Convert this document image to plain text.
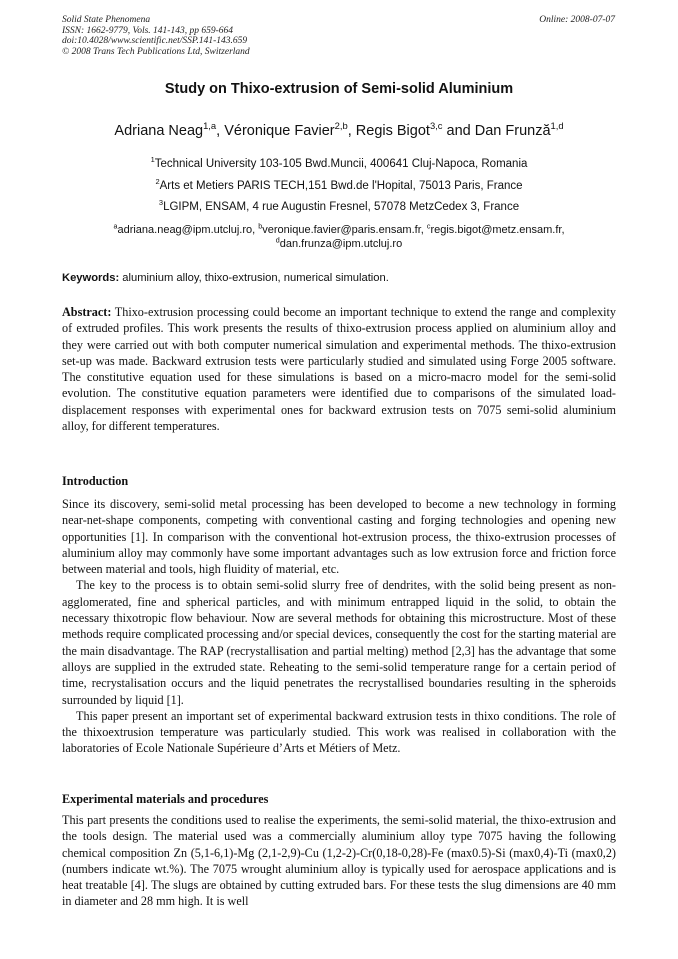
Solid State Phenomena
ISSN: 1662-9779, Vols. 141-143, pp 659-664
doi:10.4028/www.scientific.net/SSP.141-143.659
© 2008 Trans Tech Publications Ltd, Switzerland
Online: 2008-07-07
Study on Thixo-extrusion of Semi-solid Aluminium
Adriana Neag$^{1,a}$, Véronique Favier$^{2,b}$, Regis Bigot$^{3,c}$ and Dan Frunză$^{1,d}$
$^1$Technical University 103-105 Bwd.Muncii, 400641 Cluj-Napoca, Romania
$^2$Arts et Metiers PARIS TECH,151 Bwd.de l'Hopital, 75013 Paris, France
$^3$LGIPM, ENSAM, 4 rue Augustin Fresnel, 57078 MetzCedex 3, France
$^a$adriana.neag@ipm.utcluj.ro, $^b$veronique.favier@paris.ensam.fr, $^c$regis.bigot@metz.ensam.fr,
$^d$dan.frunza@ipm.utcluj.ro
Keywords: aluminium alloy, thixo-extrusion, numerical simulation.
Abstract: Thixo-extrusion processing could become an important technique to extend the range and complexity of extruded profiles. This work presents the results of thixo-extrusion process applied on aluminium alloy and they were carried out with both computer numerical simulation and experimental methods. The thixo-extrusion set-up was made. Backward extrusion tests were particularly studied and simulated using Forge 2005 software. The constitutive equation used for these simulations is based on a micro-macro model for the semi-solid evolution. The constitutive equation parameters were identified due to comparisons of the simulated load-displacement responses with experimental ones for backward extrusion tests on 7075 semi-solid aluminium alloy, for different temperatures.
Introduction

Since its discovery, semi-solid metal processing has been developed to become a new technology in forming near-net-shape components, competing with conventional casting and forging technologies and opening new opportunities [1]. In comparison with the conventional hot-extrusion process, the thixo-extrusion processes of aluminium alloy may commonly have some important advantages such as low extrusion force and friction force between material and tools, high fluidity of material, etc.

The key to the process is to obtain semi-solid slurry free of dendrites, with the solid being present as non-agglomerated, fine and spherical particles, and with minimum entrapped liquid in the solid, to obtain the necessary thixotropic flow behaviour. Now are several methods for obtaining this microstructure. Most of these methods require complicated processing and/or special devices, consequently the cost for the starting material are the main disadvantage. The RAP (recrystallisation and partial melting) method [2,3] has the advantage that some alloys are supplied in the extruded state. Reheating to the semi-solid temperature range for a certain period of time, recrystalisation occurs and the liquid penetrates the recrystallised boundaries resulting in the spheroids surrounded by liquid [1].

This paper present an important set of experimental backward extrusion tests in thixo conditions. The role of the thixoextrusion temperature was particularly studied. This work was realised in collaboration with the laboratories of Ecole Nationale Supérieure d’Arts et Métiers of Metz.

Experimental materials and procedures
This part presents the conditions used to realise the experiments, the semi-solid material, the thixo-extrusion and the tools design. The material used was a commercially aluminium alloy type 7075 having the following chemical composition Zn (5,1-6,1)-Mg (2,1-2,9)-Cu (1,2-2)-Cr(0,18-0,28)-Fe (max0.5)-Si (max0,4)-Ti (max0,2) (numbers indicate wt.%). The 7075 wrought aluminium alloy is typically used for aerospace applications and is heat treatable [4]. The slugs are obtained by cutting extruded bars. For these tests the slug dimensions are 40 mm in diameter and 28 mm high. It is well
